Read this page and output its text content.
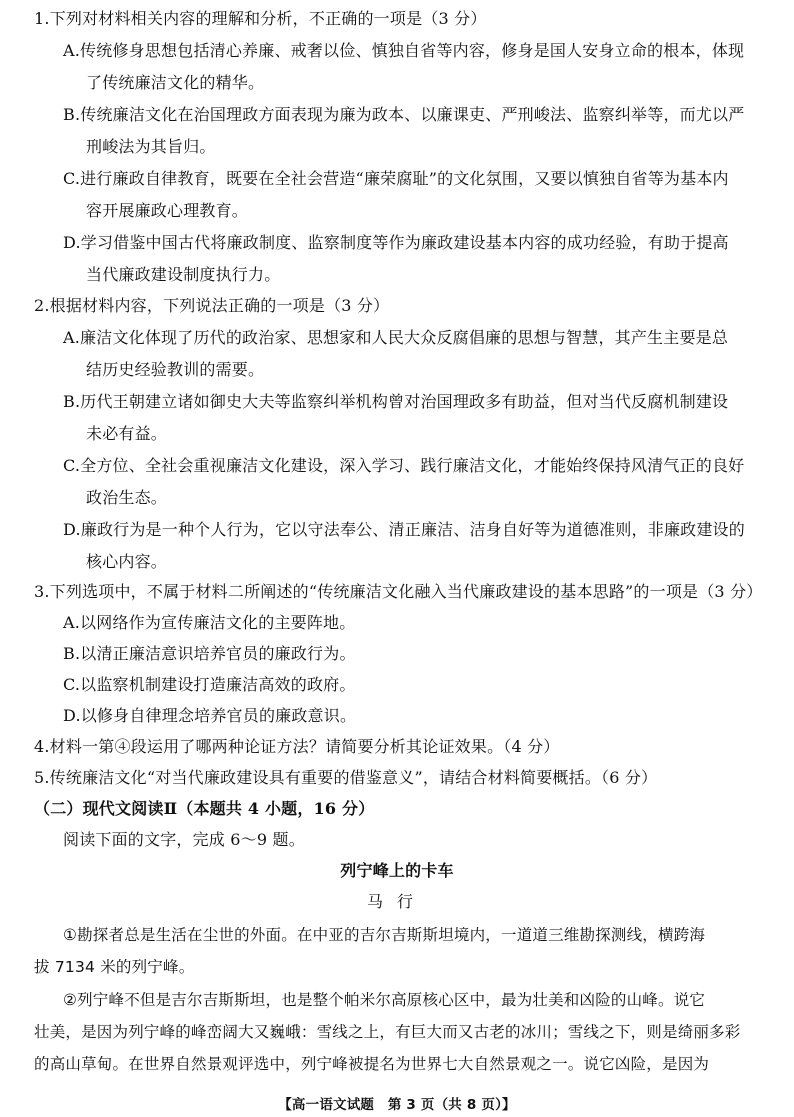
1.下列对材料相关内容的理解和分析，不正确的一项是（3 分）
A.传统修身思想包括清心养廉、戒奢以俭、慎独自省等内容，修身是国人安身立命的根本，体现
了传统廉洁文化的精华。
B.传统廉洁文化在治国理政方面表现为廉为政本、以廉课吏、严刑峻法、监察纠举等，而尤以严
刑峻法为其旨归。
C.进行廉政自律教育，既要在全社会营造“廉荣腐耻”的文化氛围，又要以慎独自省等为基本内
容开展廉政心理教育。
D.学习借鉴中国古代将廉政制度、监察制度等作为廉政建设基本内容的成功经验，有助于提高
当代廉政建设制度执行力。
2.根据材料内容，下列说法正确的一项是（3 分）
A.廉洁文化体现了历代的政治家、思想家和人民大众反腐倡廉的思想与智慧，其产生主要是总
结历史经验教训的需要。
B.历代王朝建立诸如御史大夫等监察纠举机构曾对治国理政多有助益，但对当代反腐机制建设
未必有益。
C.全方位、全社会重视廉洁文化建设，深入学习、践行廉洁文化，才能始终保持风清气正的良好
政治生态。
D.廉政行为是一种个人行为，它以守法奉公、清正廉洁、洁身自好等为道德准则，非廉政建设的
核心内容。
3.下列选项中，不属于材料二所阐述的“传统廉洁文化融入当代廉政建设的基本思路”的一项是（3 分）
A.以网络作为宣传廉洁文化的主要阵地。
B.以清正廉洁意识培养官员的廉政行为。
C.以监察机制建设打造廉洁高效的政府。
D.以修身自律理念培养官员的廉政意识。
4.材料一第④段运用了哪两种论证方法？请简要分析其论证效果。（4 分）
5.传统廉洁文化“对当代廉政建设具有重要的借鉴意义”，请结合材料简要概括。（6 分）
（二）现代文阅读Ⅱ（本题共 4 小题，16 分）
阅读下面的文字，完成 6～9 题。
列宁峰上的卡车
马行
①勘探者总是生活在尘世的外面。在中亚的吉尔吉斯斯坦境内，一道道三维勘探测线，横跨海
拔 7134 米的列宁峰。
②列宁峰不但是吉尔吉斯斯坦，也是整个帕米尔高原核心区中，最为壮美和凶险的山峰。说它
壮美，是因为列宁峰的峰峦阔大又巍峨：雪线之上，有巨大而又古老的冰川；雪线之下，则是绮丽多彩
的高山草甸。在世界自然景观评选中，列宁峰被提名为世界七大自然景观之一。说它凶险，是因为
【高一语文试题　第 3 页（共 8 页）】
